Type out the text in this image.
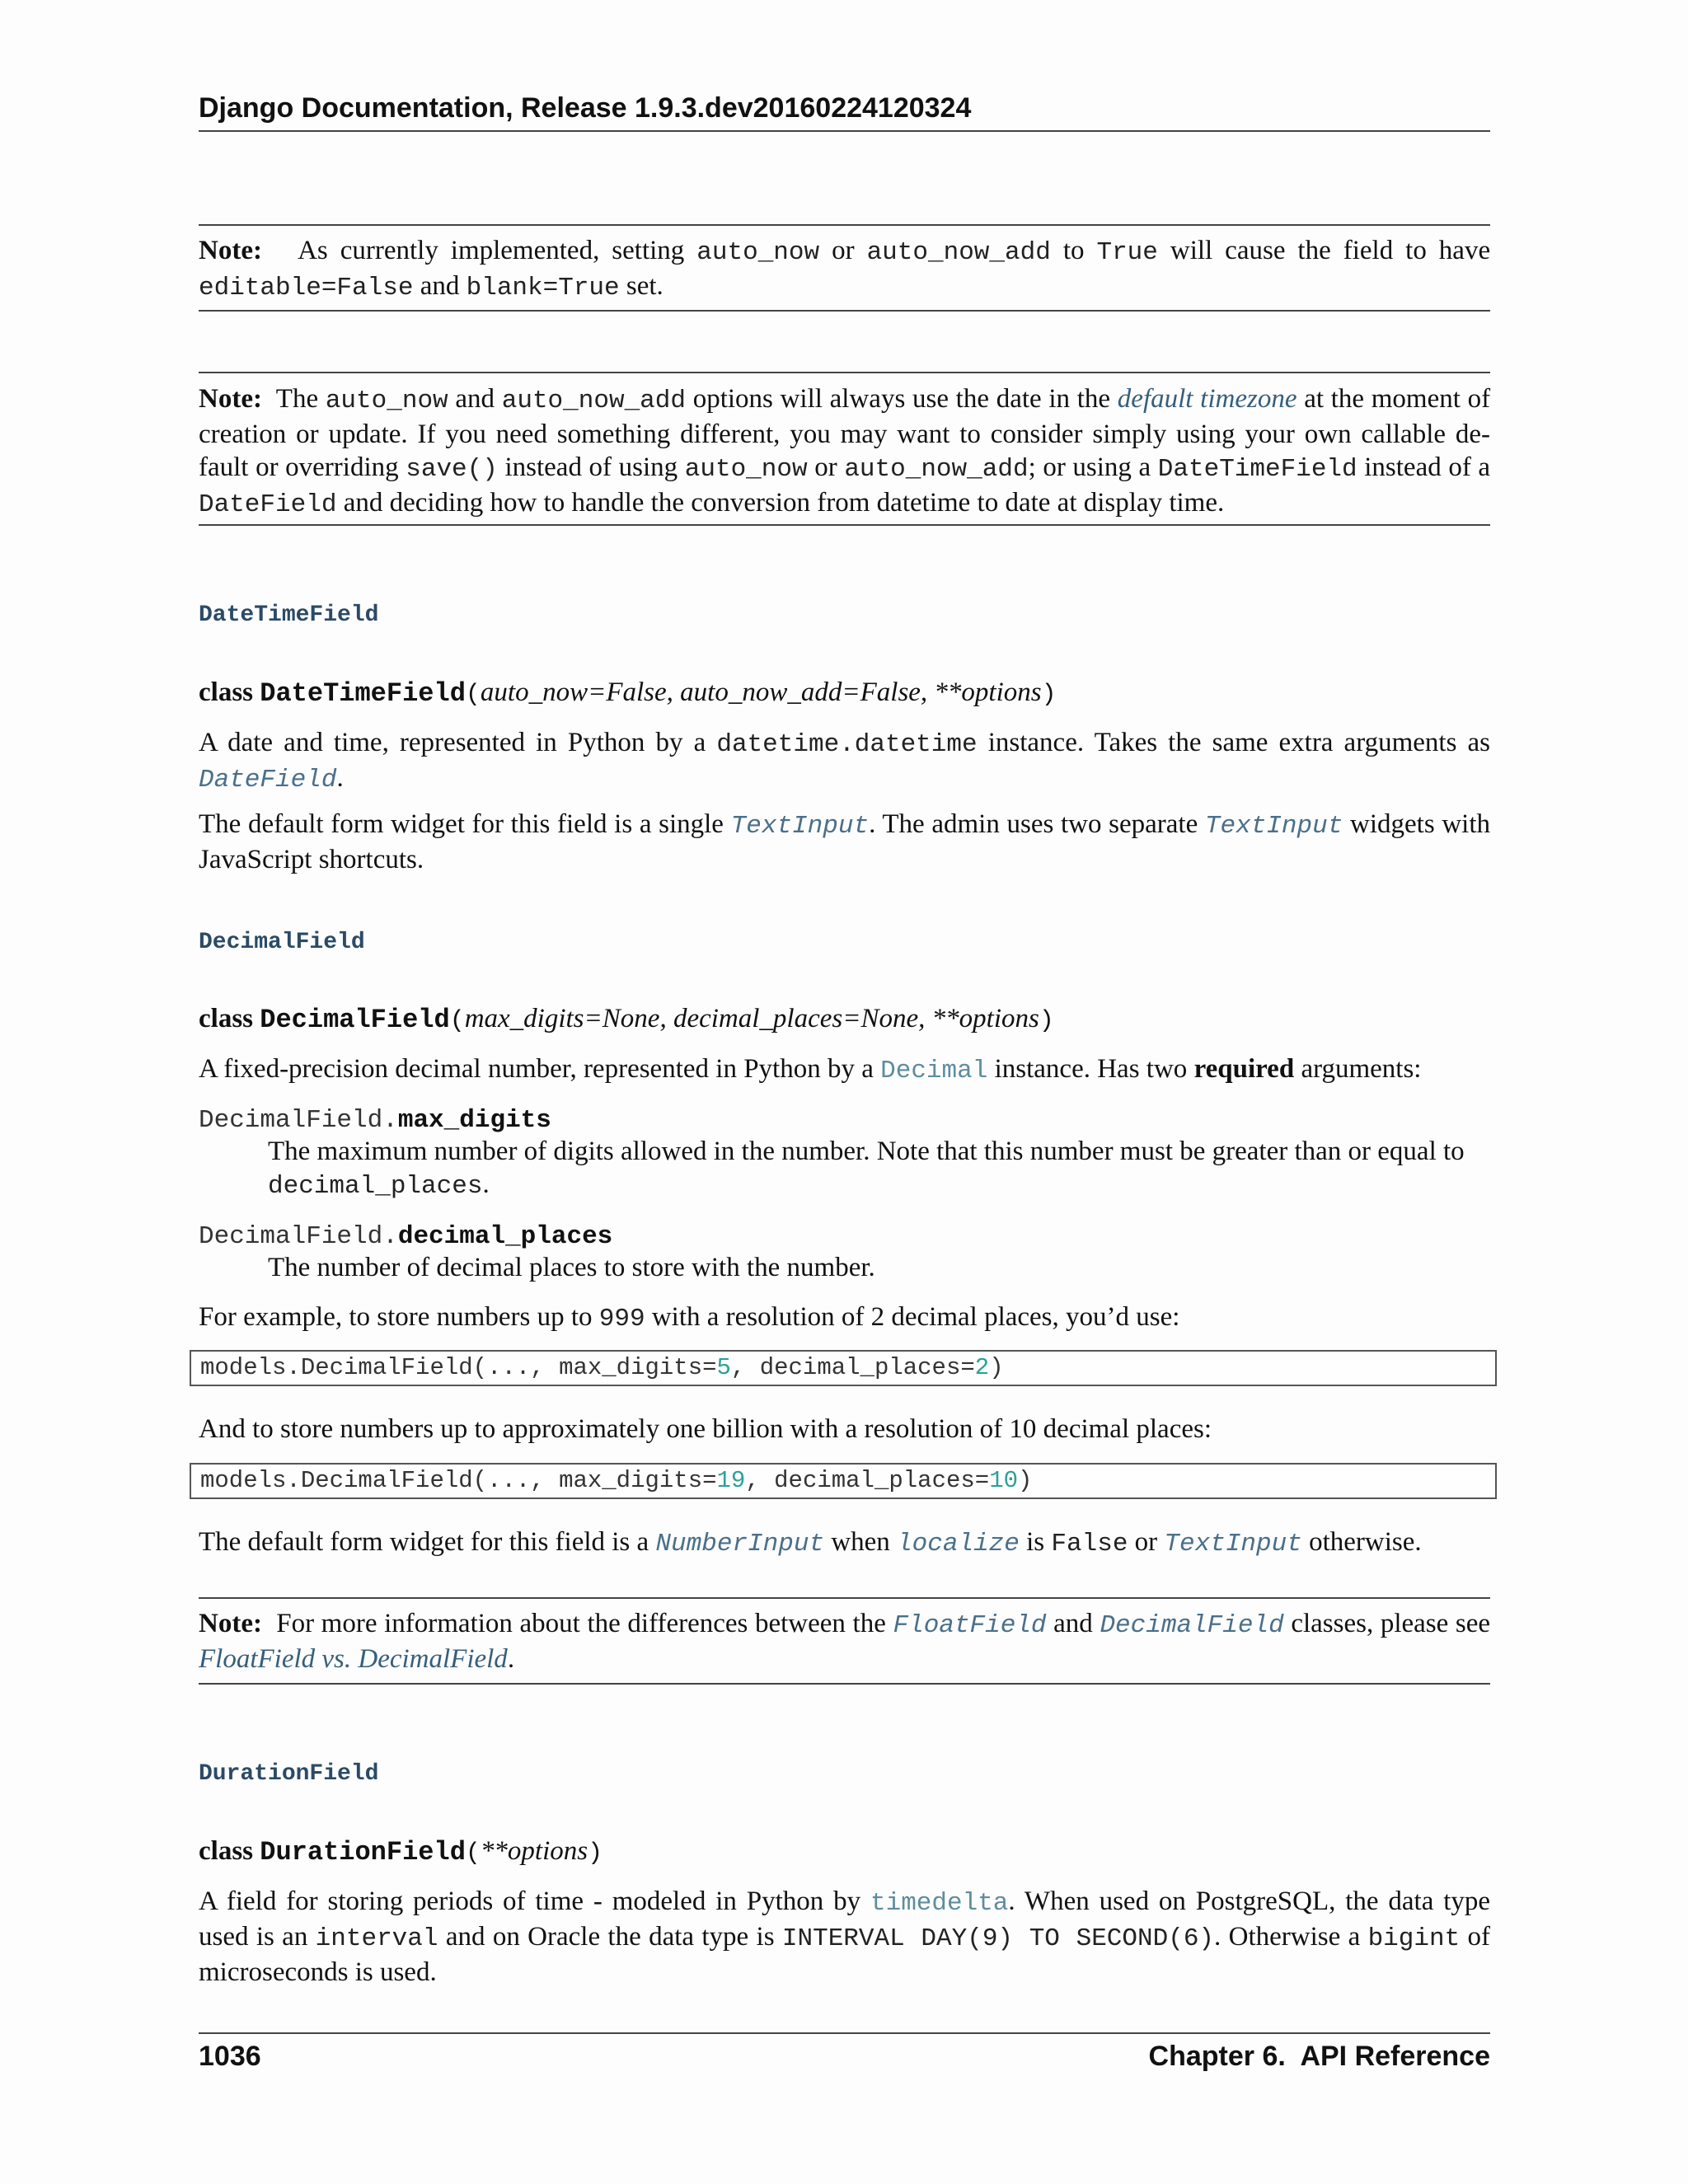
Django Documentation, Release 1.9.3.dev20160224120324
Note: As currently implemented, setting auto_now or auto_now_add to True will cause the field to have editable=False and blank=True set.
Note: The auto_now and auto_now_add options will always use the date in the default timezone at the moment of creation or update. If you need something different, you may want to consider simply using your own callable de- fault or overriding save() instead of using auto_now or auto_now_add; or using a DateTimeField instead of a DateField and deciding how to handle the conversion from datetime to date at display time.
DateTimeField
class DateTimeField(auto_now=False, auto_now_add=False, **options)
A date and time, represented in Python by a datetime.datetime instance. Takes the same extra arguments as DateField.
The default form widget for this field is a single TextInput. The admin uses two separate TextInput widgets with JavaScript shortcuts.
DecimalField
class DecimalField(max_digits=None, decimal_places=None, **options)
A fixed-precision decimal number, represented in Python by a Decimal instance. Has two required arguments:
DecimalField.max_digits
The maximum number of digits allowed in the number. Note that this number must be greater than or equal to decimal_places.
DecimalField.decimal_places
The number of decimal places to store with the number.
For example, to store numbers up to 999 with a resolution of 2 decimal places, you’d use:
models.DecimalField(..., max_digits=5, decimal_places=2)
And to store numbers up to approximately one billion with a resolution of 10 decimal places:
models.DecimalField(..., max_digits=19, decimal_places=10)
The default form widget for this field is a NumberInput when localize is False or TextInput otherwise.
Note: For more information about the differences between the FloatField and DecimalField classes, please see FloatField vs. DecimalField.
DurationField
class DurationField(**options)
A field for storing periods of time - modeled in Python by timedelta. When used on PostgreSQL, the data type used is an interval and on Oracle the data type is INTERVAL DAY(9) TO SECOND(6). Otherwise a bigint of microseconds is used.
1036	Chapter 6.  API Reference
